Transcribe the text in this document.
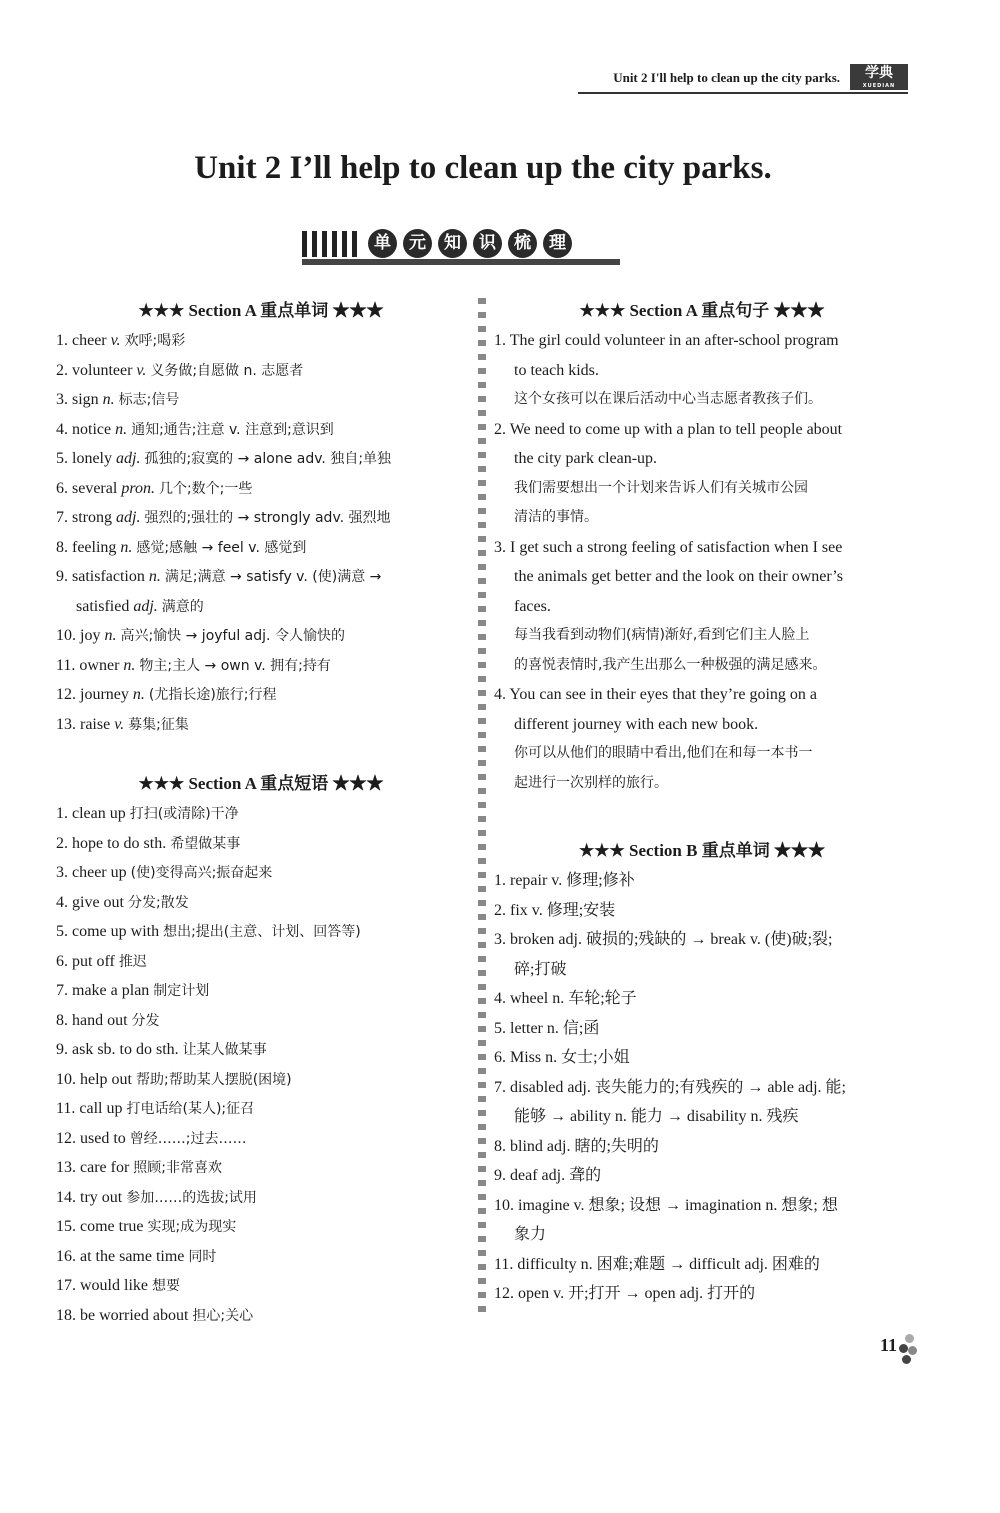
Unit 2 I'll help to clean up the city parks.	学典
XUEDIAN
Unit 2 I’ll help to clean up the city parks.
单 元 知 识 梳 理
★★★ Section A 重点单词 ★★★
1. cheer v. 欢呼;喝彩
2. volunteer v. 义务做;自愿做 n. 志愿者
3. sign n. 标志;信号
4. notice n. 通知;通告;注意 v. 注意到;意识到
5. lonely adj. 孤独的;寂寞的 → alone adv. 独自;单独
6. several pron. 几个;数个;一些
7. strong adj. 强烈的;强壮的 → strongly adv. 强烈地
8. feeling n. 感觉;感触 → feel v. 感觉到
9. satisfaction n. 满足;满意 → satisfy v. (使)满意 →
satisfied adj. 满意的
10. joy n. 高兴;愉快 → joyful adj. 令人愉快的
11. owner n. 物主;主人 → own v. 拥有;持有
12. journey n. (尤指长途)旅行;行程
13. raise v. 募集;征集
★★★ Section A 重点短语 ★★★
1. clean up 打扫(或清除)干净
2. hope to do sth. 希望做某事
3. cheer up (使)变得高兴;振奋起来
4. give out 分发;散发
5. come up with 想出;提出(主意、计划、回答等)
6. put off 推迟
7. make a plan 制定计划
8. hand out 分发
9. ask sb. to do sth. 让某人做某事
10. help out 帮助;帮助某人摆脱(困境)
11. call up 打电话给(某人);征召
12. used to 曾经……;过去……
13. care for 照顾;非常喜欢
14. try out 参加……的选拔;试用
15. come true 实现;成为现实
16. at the same time 同时
17. would like 想要
18. be worried about 担心;关心
★★★ Section A 重点句子 ★★★
1. The girl could volunteer in an after-school program
to teach kids.
这个女孩可以在课后活动中心当志愿者教孩子们。
2. We need to come up with a plan to tell people about
the city park clean-up.
我们需要想出一个计划来告诉人们有关城市公园
清洁的事情。
3. I get such a strong feeling of satisfaction when I see
the animals get better and the look on their owner’s
faces.
每当我看到动物们(病情)渐好,看到它们主人脸上
的喜悦表情时,我产生出那么一种极强的满足感来。
4. You can see in their eyes that they’re going on a
different journey with each new book.
你可以从他们的眼睛中看出,他们在和每一本书一
起进行一次别样的旅行。
★★★ Section B 重点单词 ★★★
1. repair v. 修理;修补
2. fix v. 修理;安装
3. broken adj. 破损的;残缺的 → break v. (使)破;裂;
碎;打破
4. wheel n. 车轮;轮子
5. letter n. 信;函
6. Miss n. 女士;小姐
7. disabled adj. 丧失能力的;有残疾的 → able adj. 能;
能够 → ability n. 能力 → disability n. 残疾
8. blind adj. 瞎的;失明的
9. deaf adj. 聋的
10. imagine v. 想象; 设想 → imagination n. 想象; 想
象力
11. difficulty n. 困难;难题 → difficult adj. 困难的
12. open v. 开;打开 → open adj. 打开的
11
